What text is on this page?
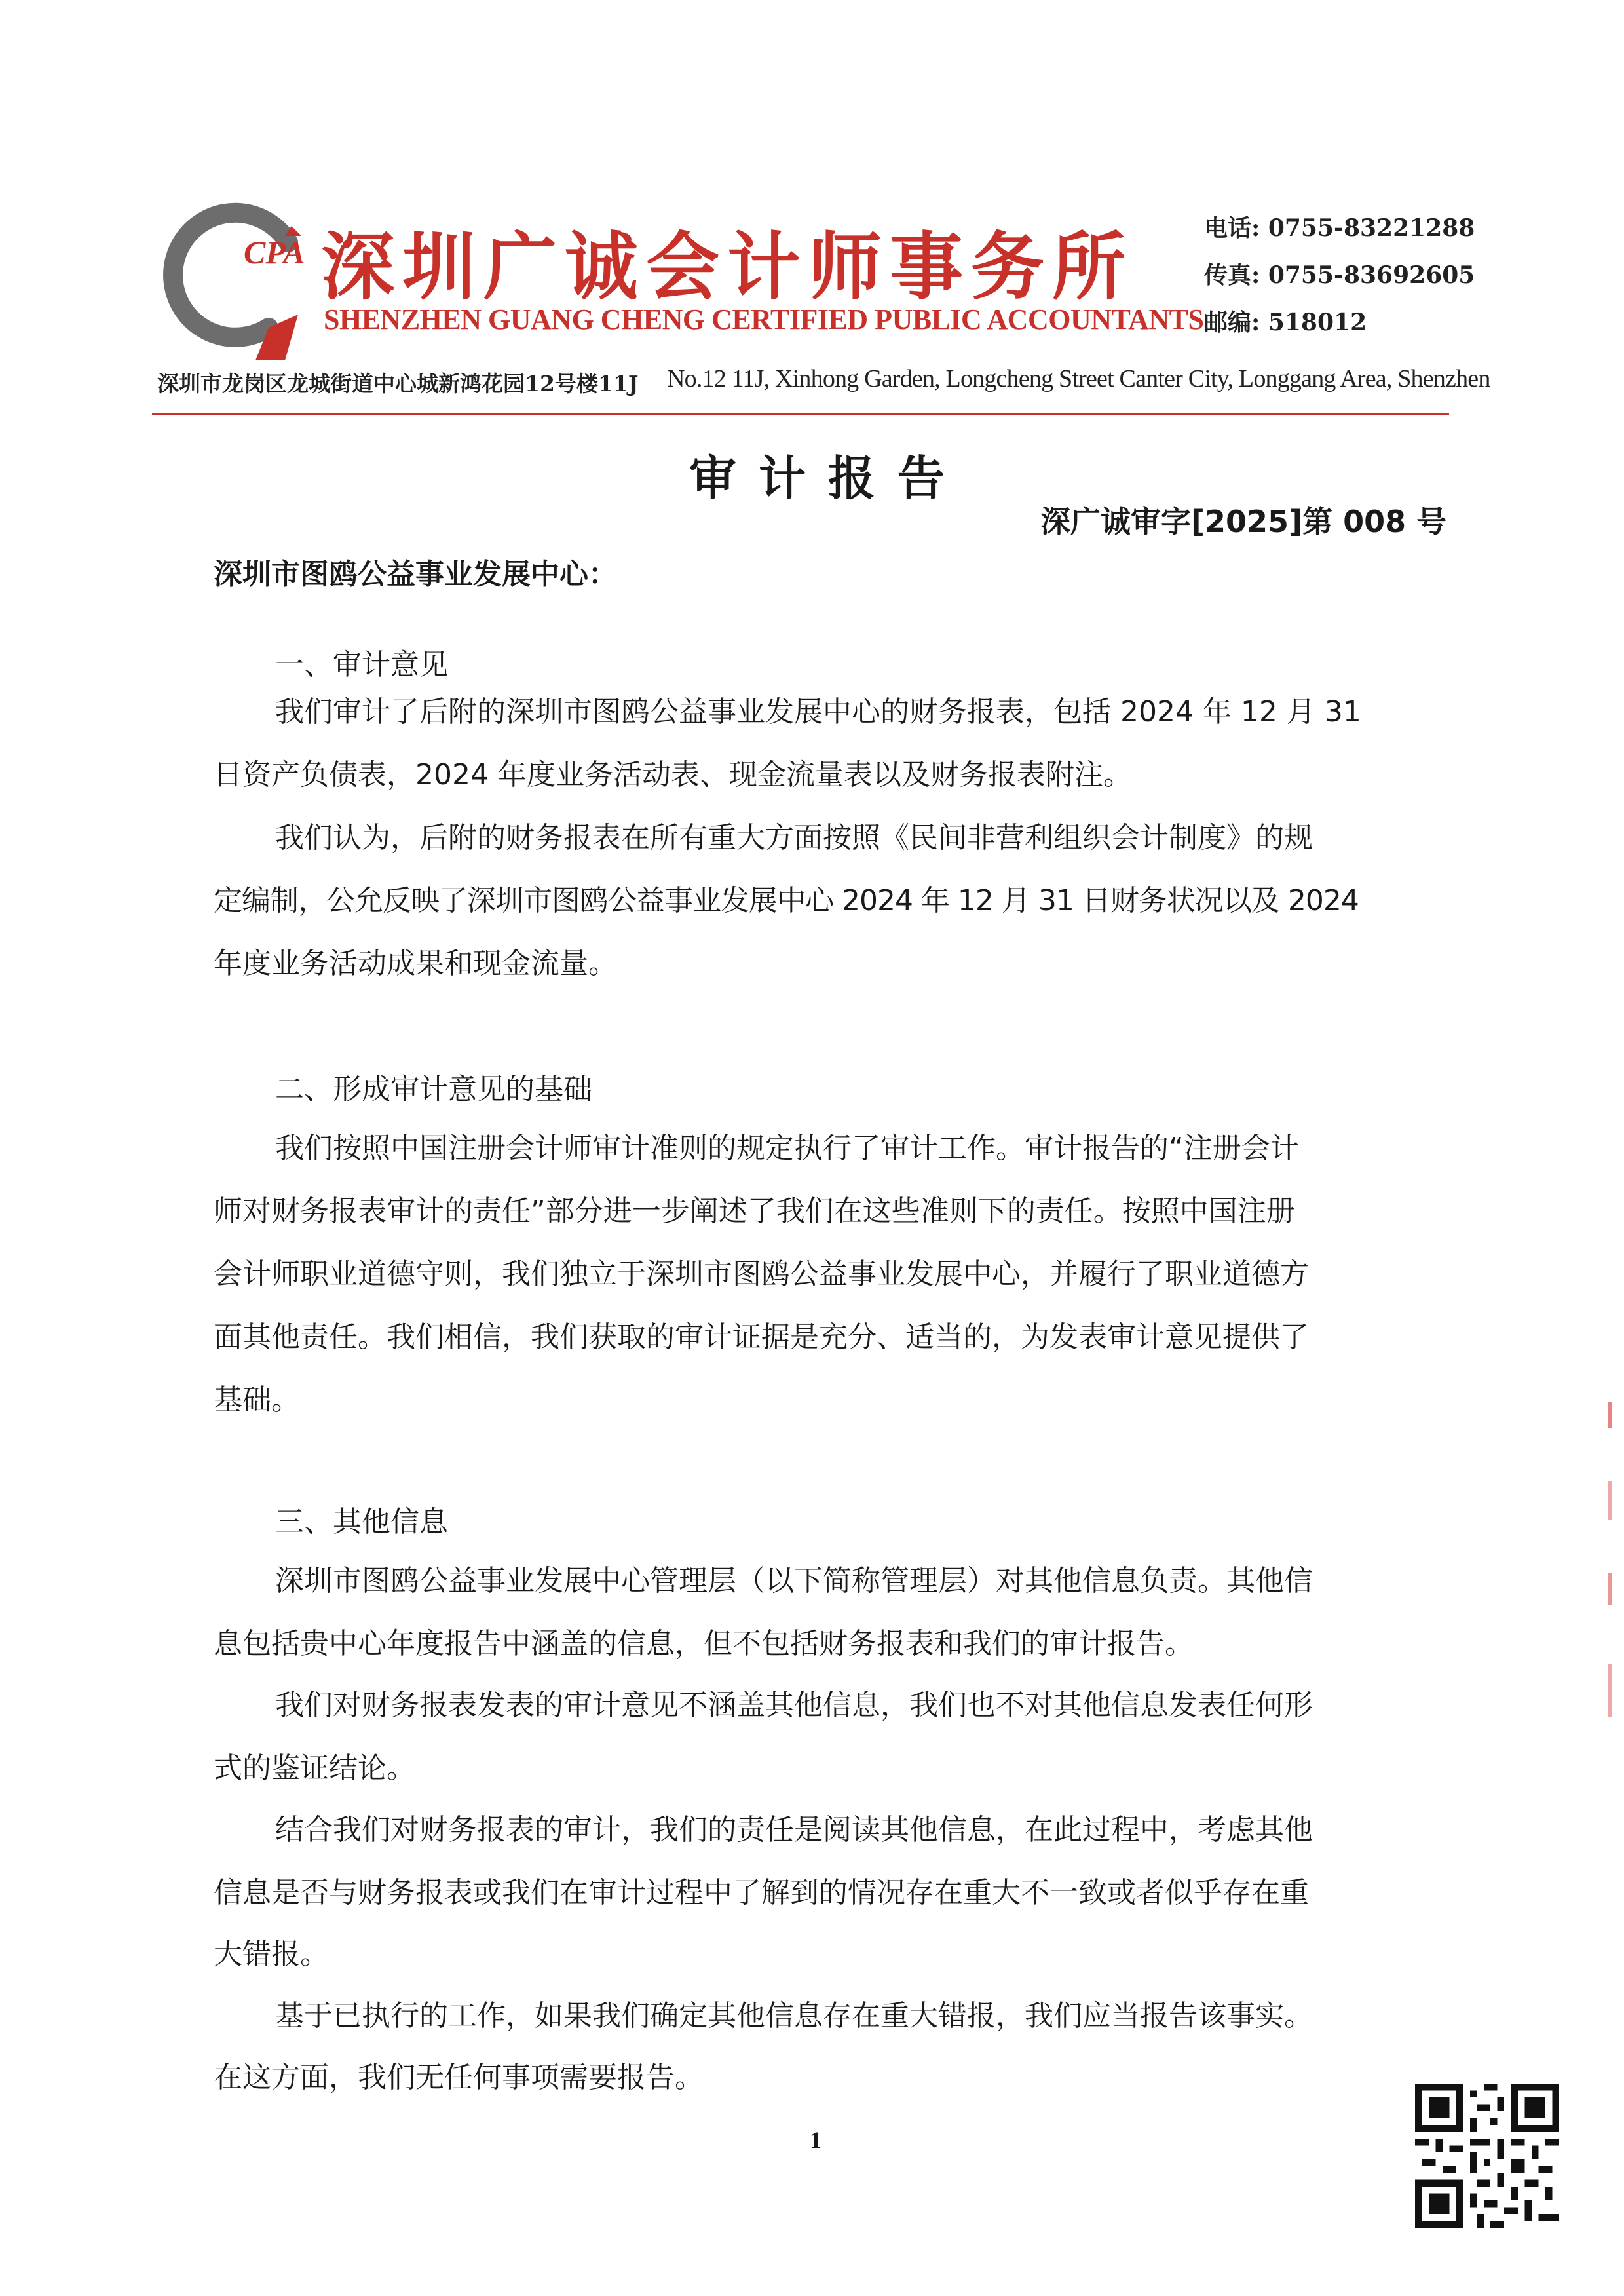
CPA 深圳广诚会计师事务所
SHENZHEN GUANG CHENG CERTIFIED PUBLIC ACCOUNTANTS
电话: 0755-83221288
传真: 0755-83692605
邮编: 518012
深圳市龙岗区龙城街道中心城新鸿花园12号楼11J No.12 11J, Xinhong Garden, Longcheng Street Canter City, Longgang Area, Shenzhen
审计报告
深广诚审字[2025]第 008 号
深圳市图鸥公益事业发展中心：
一、审计意见
我们审计了后附的深圳市图鸥公益事业发展中心的财务报表，包括 2024 年 12 月 31
日资产负债表，2024 年度业务活动表、现金流量表以及财务报表附注。
我们认为，后附的财务报表在所有重大方面按照《民间非营利组织会计制度》的规
定编制，公允反映了深圳市图鸥公益事业发展中心 2024 年 12 月 31 日财务状况以及 2024
年度业务活动成果和现金流量。
二、形成审计意见的基础
我们按照中国注册会计师审计准则的规定执行了审计工作。审计报告的“注册会计
师对财务报表审计的责任”部分进一步阐述了我们在这些准则下的责任。按照中国注册
会计师职业道德守则，我们独立于深圳市图鸥公益事业发展中心，并履行了职业道德方
面其他责任。我们相信，我们获取的审计证据是充分、适当的，为发表审计意见提供了
基础。
三、其他信息
深圳市图鸥公益事业发展中心管理层（以下简称管理层）对其他信息负责。其他信
息包括贵中心年度报告中涵盖的信息，但不包括财务报表和我们的审计报告。
我们对财务报表发表的审计意见不涵盖其他信息，我们也不对其他信息发表任何形
式的鉴证结论。
结合我们对财务报表的审计，我们的责任是阅读其他信息，在此过程中，考虑其他
信息是否与财务报表或我们在审计过程中了解到的情况存在重大不一致或者似乎存在重
大错报。
基于已执行的工作，如果我们确定其他信息存在重大错报，我们应当报告该事实。
在这方面，我们无任何事项需要报告。
1
